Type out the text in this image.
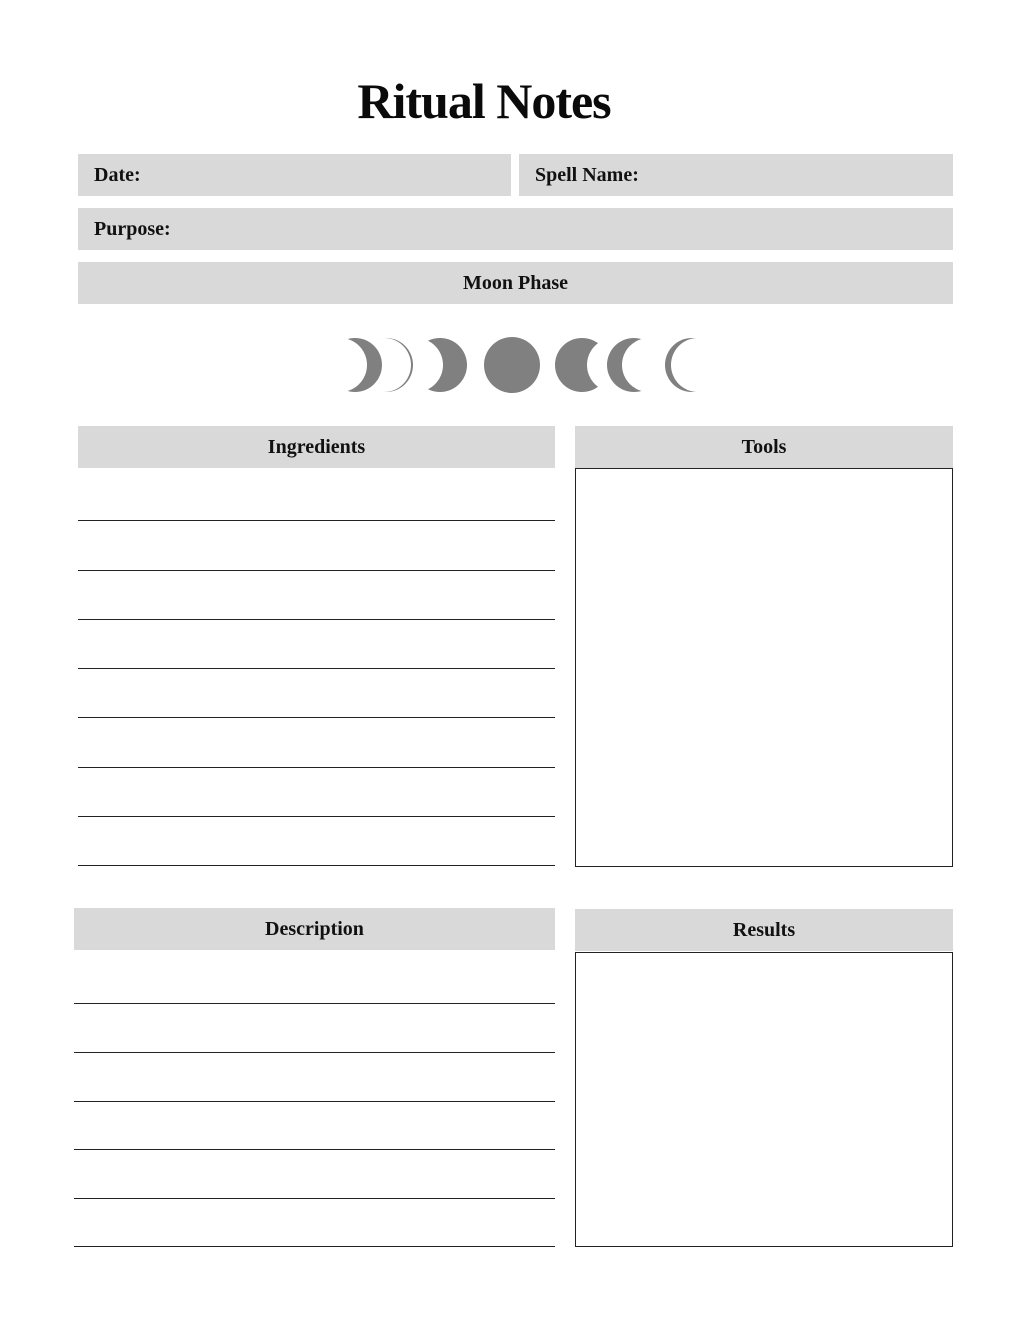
Ritual Notes
Date:	Spell Name:
Purpose:
Moon Phase
Ingredients	Tools
Description	Results
